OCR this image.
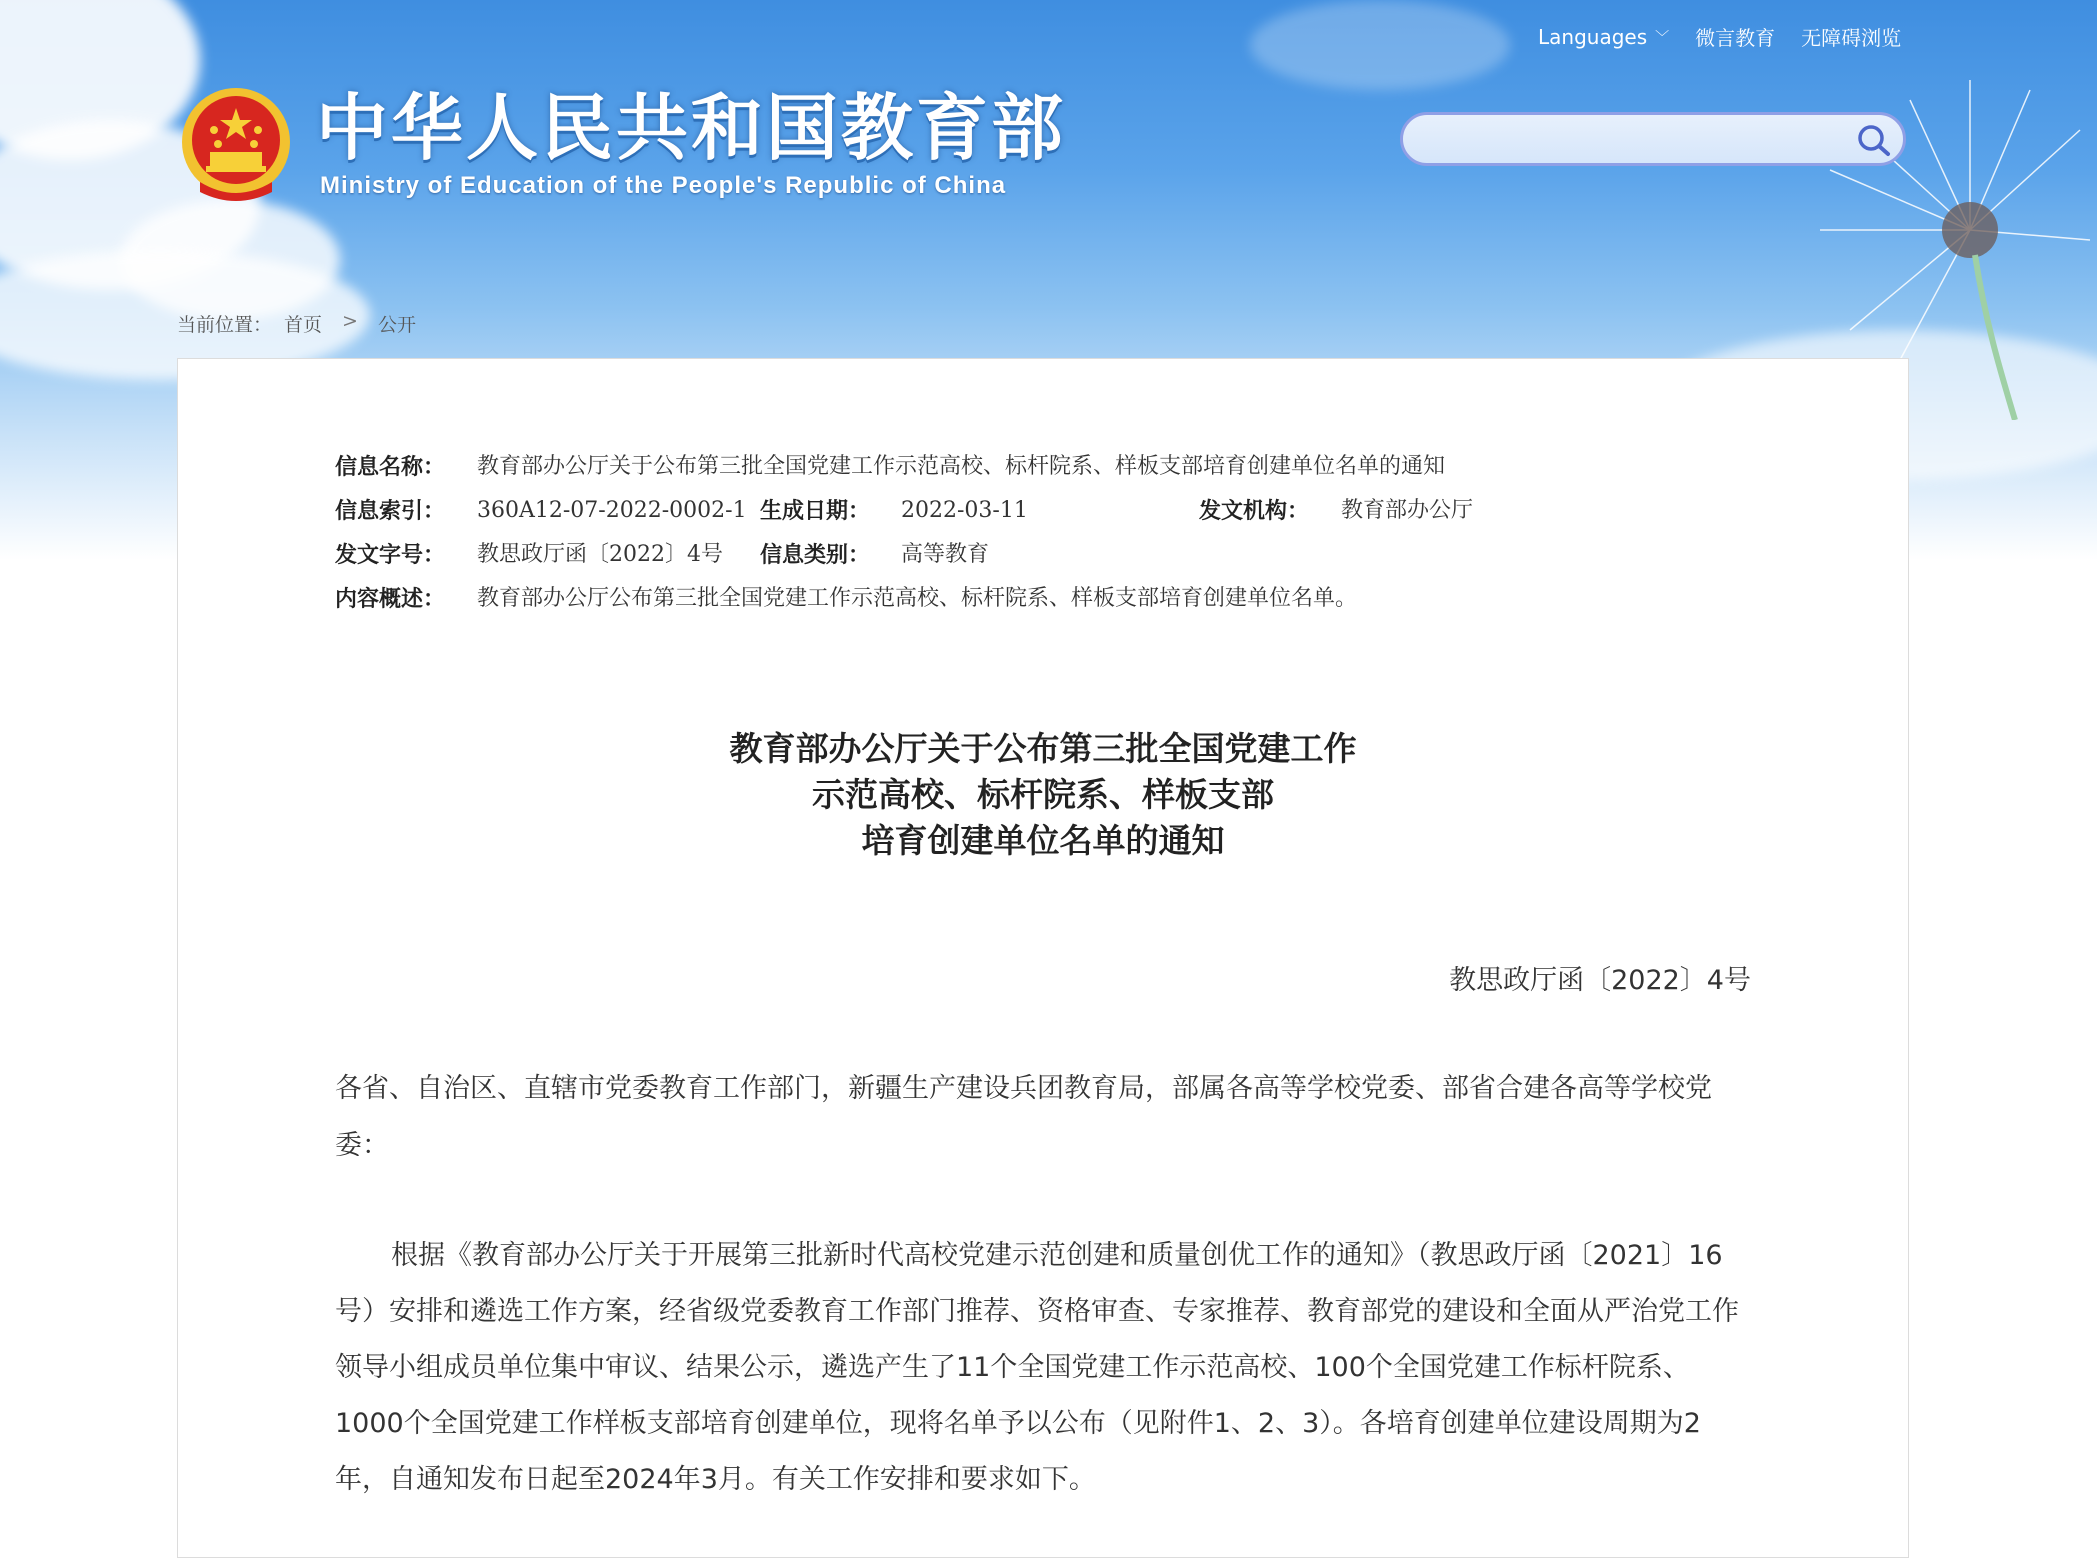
中华人民共和国教育部

Ministry of Education of the People's Republic of China

Languages ﹀ 微言教育 无障碍浏览
当前位置： 首页 > 公开
信息名称： 教育部办公厅关于公布第三批全国党建工作示范高校、标杆院系、样板支部培育创建单位名单的通知
信息索引： 360A12-07-2022-0002-1 生成日期： 2022-03-11	发文机构： 教育部办公厅
发文字号： 教思政厅函〔2022〕4号 信息类别： 高等教育
内容概述： 教育部办公厅公布第三批全国党建工作示范高校、标杆院系、样板支部培育创建单位名单。
教育部办公厅关于公布第三批全国党建工作
示范高校、标杆院系、样板支部
培育创建单位名单的通知
教思政厅函〔2022〕4号

各省、自治区、直辖市党委教育工作部门，新疆生产建设兵团教育局，部属各高等学校党委、部省合建各高等学校党委：

根据《教育部办公厅关于开展第三批新时代高校党建示范创建和质量创优工作的通知》（教思政厅函〔2021〕16号）安排和遴选工作方案，经省级党委教育工作部门推荐、资格审查、专家推荐、教育部党的建设和全面从严治党工作领导小组成员单位集中审议、结果公示，遴选产生了11个全国党建工作示范高校、100个全国党建工作标杆院系、1000个全国党建工作样板支部培育创建单位，现将名单予以公布（见附件1、2、3）。各培育创建单位建设周期为2年，自通知发布日起至2024年3月。有关工作安排和要求如下。
